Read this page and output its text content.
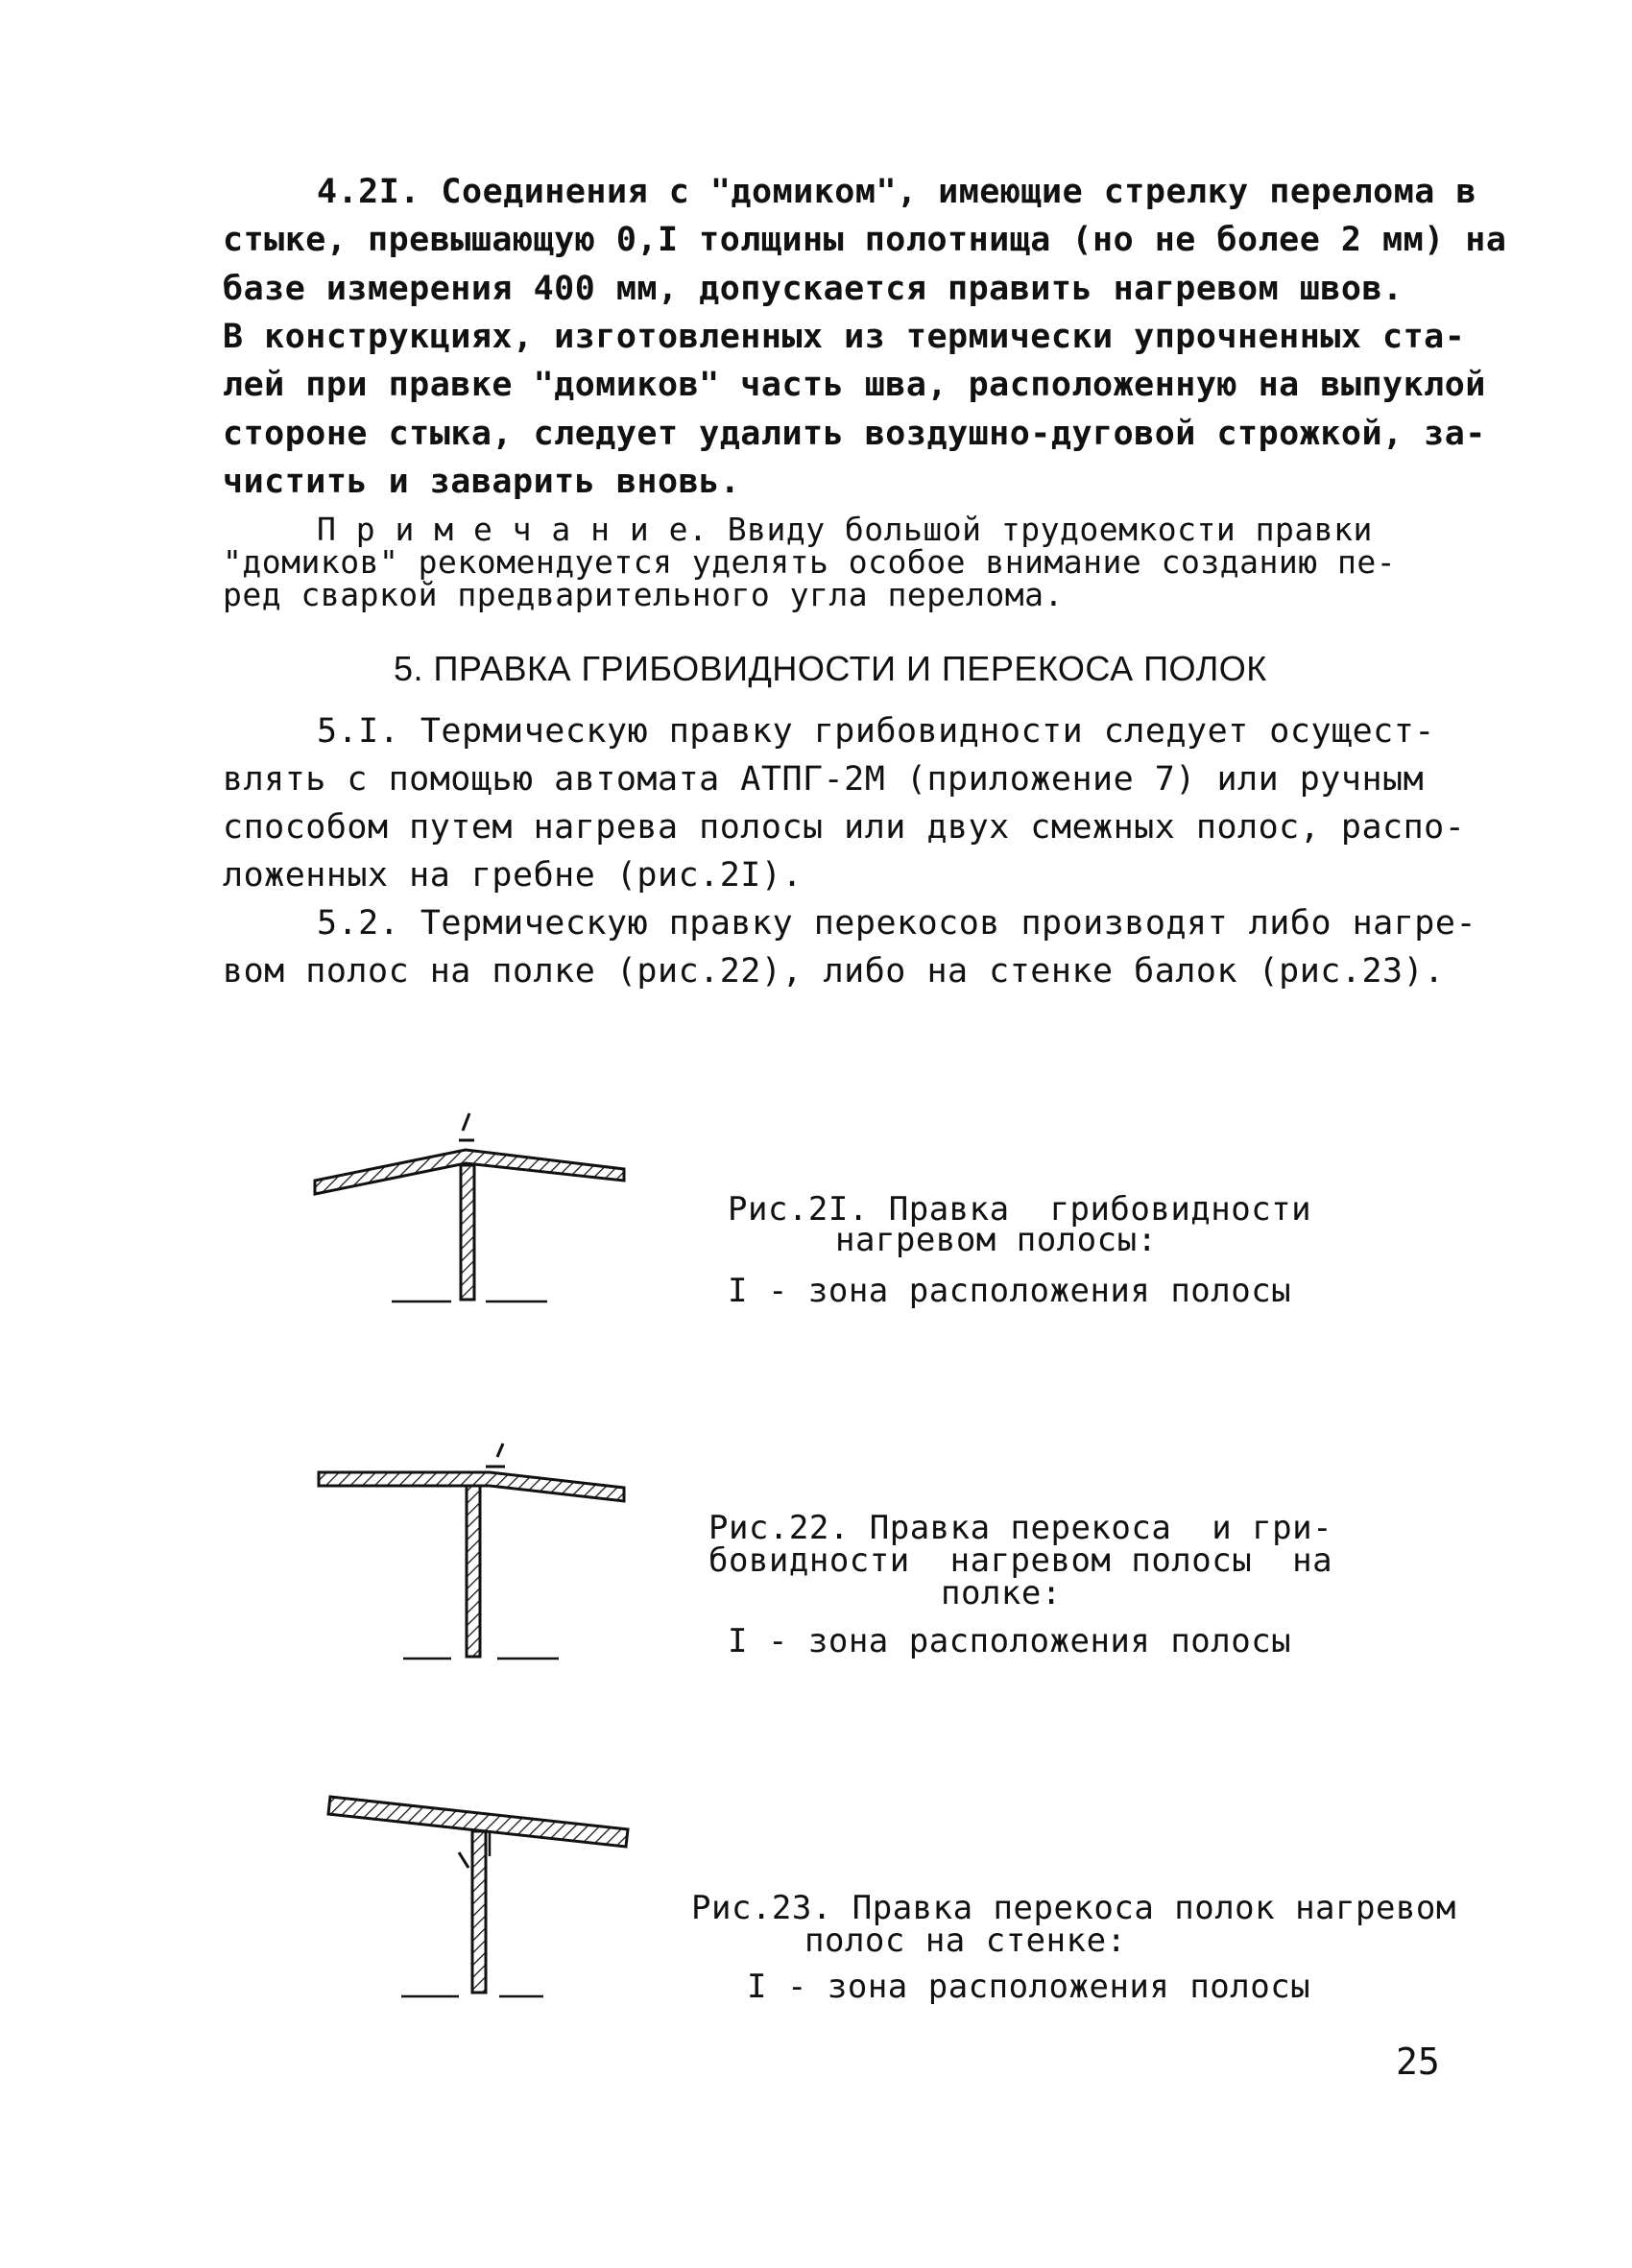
4.2I. Соединения с "домиком", имеющие стрелку перелома в
стыке, превышающую 0,I толщины полотнища (но не более 2 мм) на
базе измерения 400 мм, допускается править нагревом швов.
В конструкциях, изготовленных из термически упрочненных ста-
лей при правке "домиков" часть шва, расположенную на выпуклой
стороне стыка, следует удалить воздушно-дуговой строжкой, за-
чистить и заварить вновь.
П р и м е ч а н и е. Ввиду большой трудоемкости правки
"домиков" рекомендуется уделять особое внимание созданию пе-
ред сваркой предварительного угла перелома.
5. ПРАВКА ГРИБОВИДНОСТИ И ПЕРЕКОСА ПОЛОК
5.I. Термическую правку грибовидности следует осущест-
влять с помощью автомата АТПГ-2М (приложение 7) или ручным
способом путем нагрева полосы или двух смежных полос, распо-
ложенных на гребне (рис.2I).
5.2. Термическую правку перекосов производят либо нагре-
вом полос на полке (рис.22), либо на стенке балок (рис.23).
Рис.2I. Правка  грибовидности
нагревом полосы:
I - зона расположения полосы
Рис.22. Правка перекоса  и гри-
бовидности  нагревом полосы  на
полке:
I - зона расположения полосы
Рис.23. Правка перекоса полок нагревом
полос на стенке:
I - зона расположения полосы
25
